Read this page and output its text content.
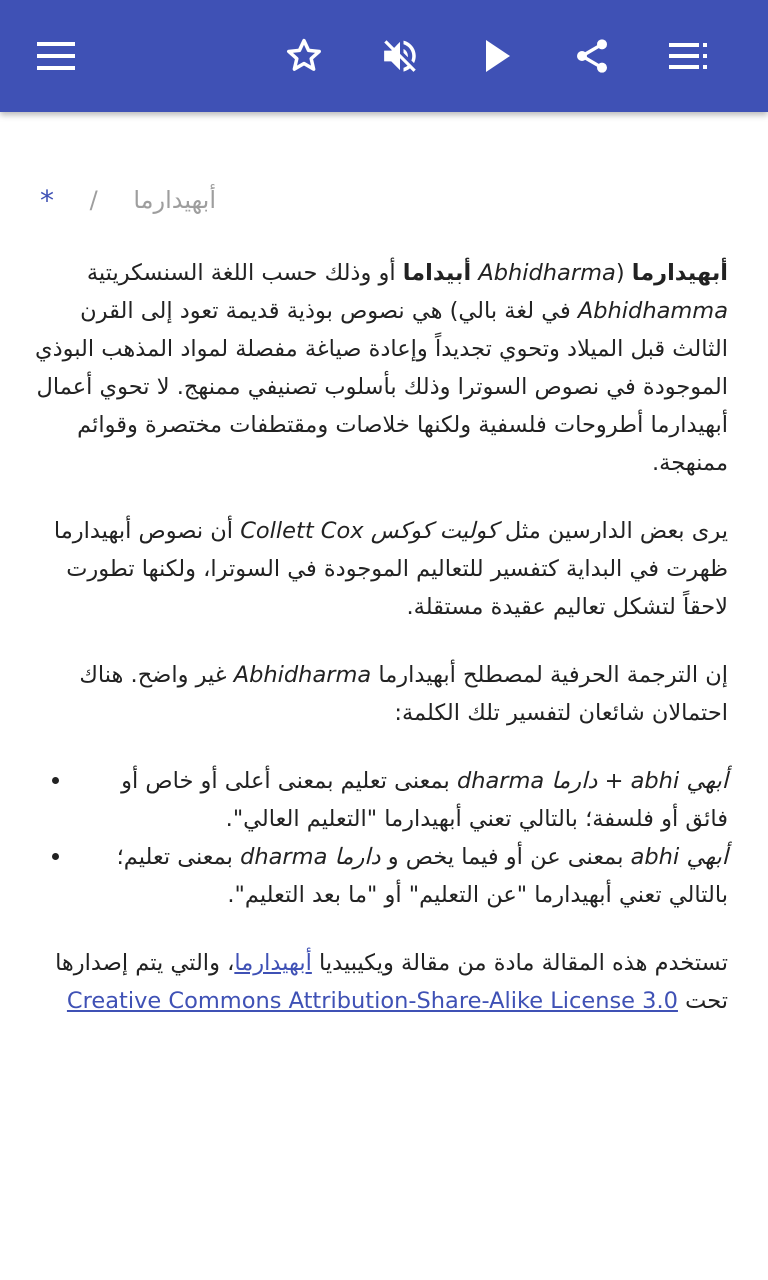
* / أبهيدارما

أبهيدارما (Abhidharma أبيداما أو وذلك حسب اللغة السنسكريتية Abhidhamma في لغة بالي) هي نصوص بوذية قديمة تعود إلى القرن الثالث قبل الميلاد وتحوي تجديداً وإعادة صياغة مفصلة لمواد المذهب البوذي الموجودة في نصوص السوترا وذلك بأسلوب تصنيفي ممنهج. لا تحوي أعمال أبهيدارما أطروحات فلسفية ولكنها خلاصات ومقتطفات مختصرة وقوائم ممنهجة.

يرى بعض الدارسين مثل كوليت كوكس Collett Cox أن نصوص أبهيدارما ظهرت في البداية كتفسير للتعاليم الموجودة في السوترا، ولكنها تطورت لاحقاً لتشكل تعاليم عقيدة مستقلة.

إن الترجمة الحرفية لمصطلح أبهيدارما Abhidharma غير واضح. هناك احتمالان شائعان لتفسير تلك الكلمة:

أبهي abhi + دارما dharma بمعنى تعليم بمعنى أعلى أو خاص أو فائق أو فلسفة؛ بالتالي تعني أبهيدارما "التعليم العالي".
أبهي abhi بمعنى عن أو فيما يخص و دارما dharma بمعنى تعليم؛ بالتالي تعني أبهيدارما "عن التعليم" أو "ما بعد التعليم".

تستخدم هذه المقالة مادة من مقالة ويكيبيديا أبهيدارما، والتي يتم إصدارها تحت Creative Commons Attribution-Share-Alike License 3.0
